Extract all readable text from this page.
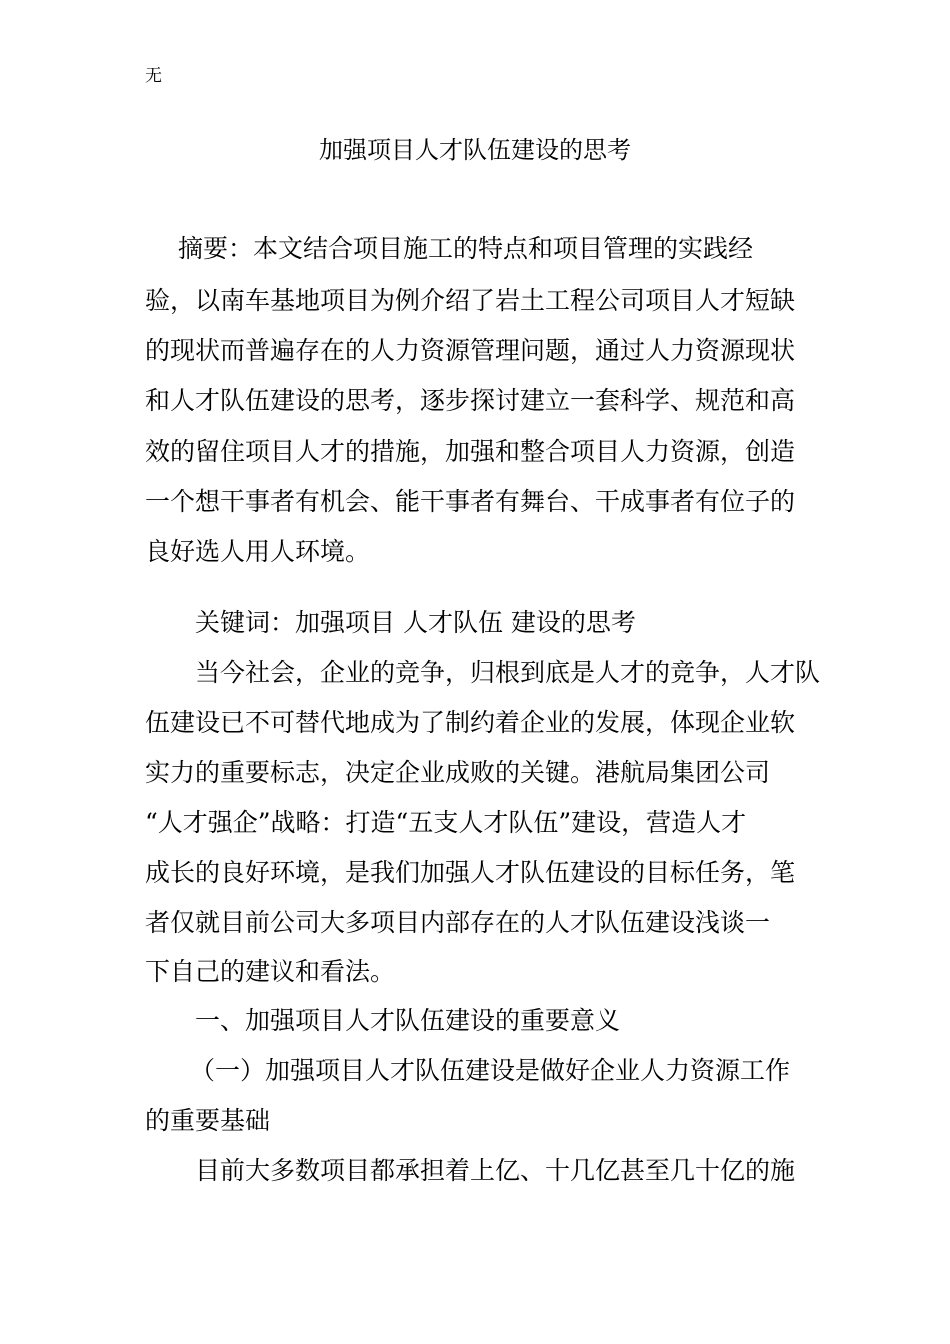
无
加强项目人才队伍建设的思考
摘要：本文结合项目施工的特点和项目管理的实践经
验，以南车基地项目为例介绍了岩土工程公司项目人才短缺
的现状而普遍存在的人力资源管理问题，通过人力资源现状
和人才队伍建设的思考，逐步探讨建立一套科学、规范和高
效的留住项目人才的措施，加强和整合项目人力资源，创造
一个想干事者有机会、能干事者有舞台、干成事者有位子的
良好选人用人环境。
关键词：加强项目 人才队伍 建设的思考
当今社会，企业的竞争，归根到底是人才的竞争，人才队
伍建设已不可替代地成为了制约着企业的发展，体现企业软
实力的重要标志，决定企业成败的关键。港航局集团公司
“人才强企”战略：打造“五支人才队伍”建设，营造人才
成长的良好环境，是我们加强人才队伍建设的目标任务，笔
者仅就目前公司大多项目内部存在的人才队伍建设浅谈一
下自己的建议和看法。
一、加强项目人才队伍建设的重要意义
（一）加强项目人才队伍建设是做好企业人力资源工作
的重要基础
目前大多数项目都承担着上亿、十几亿甚至几十亿的施
